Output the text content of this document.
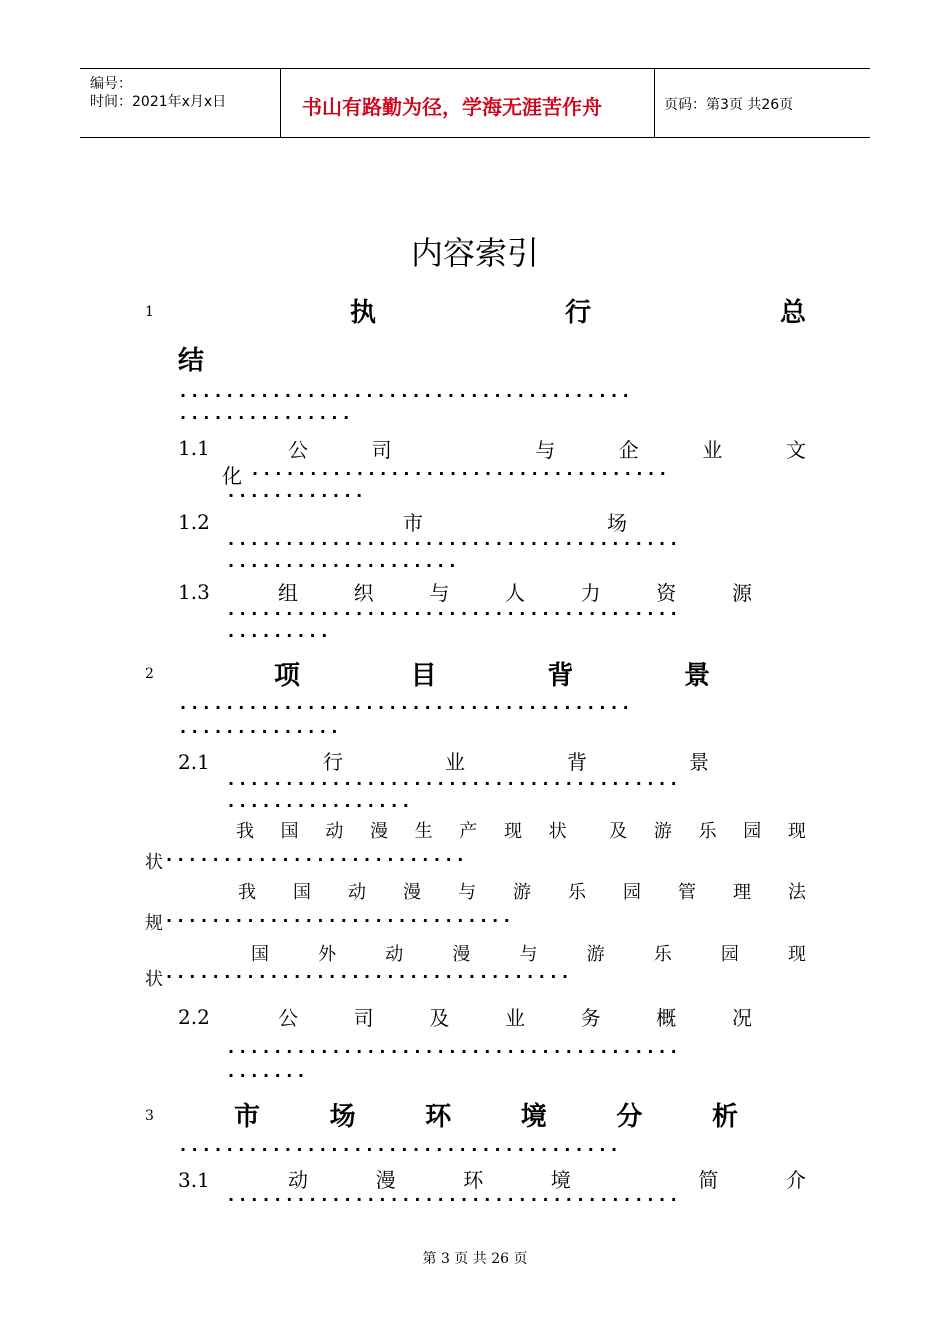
编号：
时间：2021年x月x日	书山有路勤为径，学海无涯苦作舟	页码：第3页 共26页
内容索引
1	执	行	总
结
. . . . . . . . . . . . . . . . . . . . . . . . . . . . . . . . . . . . . . .
. . . . . . . . . . . . . . .
1.1	公	司	与	企	业	文
化 . . . . . . . . . . . . . . . . . . . . . . . . . . . . . . . . . . . .
. . . . . . . . . . . .
1.2	市	场
. . . . . . . . . . . . . . . . . . . . . . . . . . . . . . . . . . . . . . .
. . . . . . . . . . . . . . . . . . . .
1.3	组	织	与	人	力	资	源
. . . . . . . . . . . . . . . . . . . . . . . . . . . . . . . . . . . . . . .
. . . . . . . . .
2	项	目	背	景
. . . . . . . . . . . . . . . . . . . . . . . . . . . . . . . . . . . . . . .
. . . . . . . . . . . . . .
2.1	行	业	背	景
. . . . . . . . . . . . . . . . . . . . . . . . . . . . . . . . . . . . . . .
. . . . . . . . . . . . . . . .
我 国 动 漫 生 产 现 状 及 游 乐 园 现
状 . . . . . . . . . . . . . . . . . . . . . . . . . .
我 国 动 漫 与 游 乐 园 管 理 法
规 . . . . . . . . . . . . . . . . . . . . . . . . . . . . . .
国	外	动	漫	与	游	乐	园	现
状 . . . . . . . . . . . . . . . . . . . . . . . . . . . . . . . . . . .
2.2	公	司	及	业	务	概	况
. . . . . . . . . . . . . . . . . . . . . . . . . . . . . . . . . . . . . . .
. . . . . . .
3	市	场	环	境	分	析
. . . . . . . . . . . . . . . . . . . . . . . . . . . . . . . . . . . . . .
3.1	动	漫	环	境	简	介
. . . . . . . . . . . . . . . . . . . . . . . . . . . . . . . . . . . . . . .
第 3 页 共 26 页
